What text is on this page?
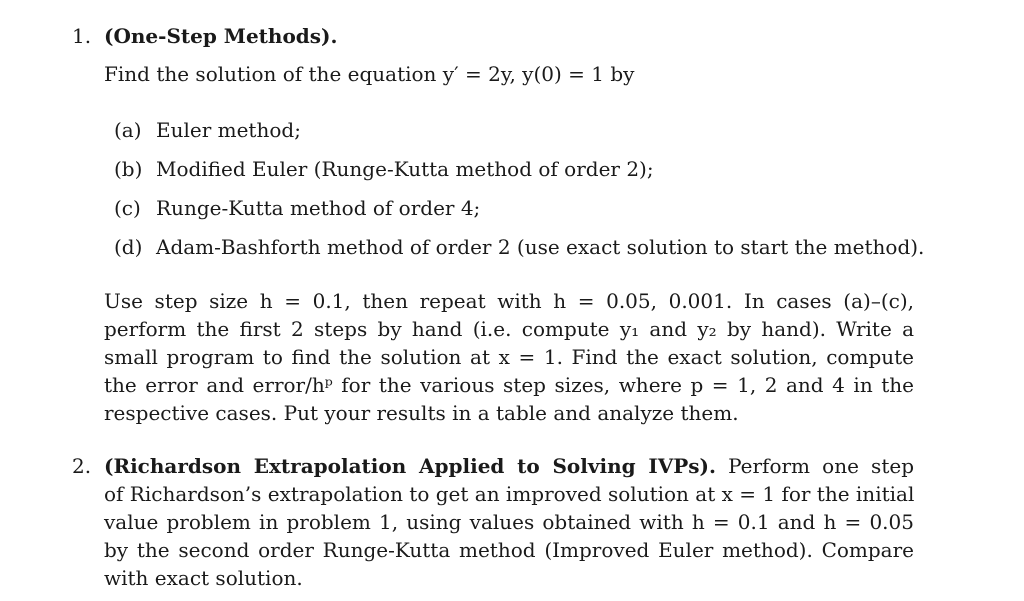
1. (One-Step Methods).
Find the solution of the equation y′ = 2y, y(0) = 1 by
(a) Euler method;
(b) Modified Euler (Runge-Kutta method of order 2);
(c) Runge-Kutta method of order 4;
(d) Adam-Bashforth method of order 2 (use exact solution to start the method).
Use step size h = 0.1, then repeat with h = 0.05, 0.001. In cases (a)–(c),
perform the first 2 steps by hand (i.e. compute y₁ and y₂ by hand). Write a
small program to find the solution at x = 1. Find the exact solution, compute
the error and error/hᵖ for the various step sizes, where p = 1, 2 and 4 in the
respective cases. Put your results in a table and analyze them.
2. (Richardson Extrapolation Applied to Solving IVPs). Perform one step
of Richardson’s extrapolation to get an improved solution at x = 1 for the initial
value problem in problem 1, using values obtained with h = 0.1 and h = 0.05
by the second order Runge-Kutta method (Improved Euler method). Compare
with exact solution.
